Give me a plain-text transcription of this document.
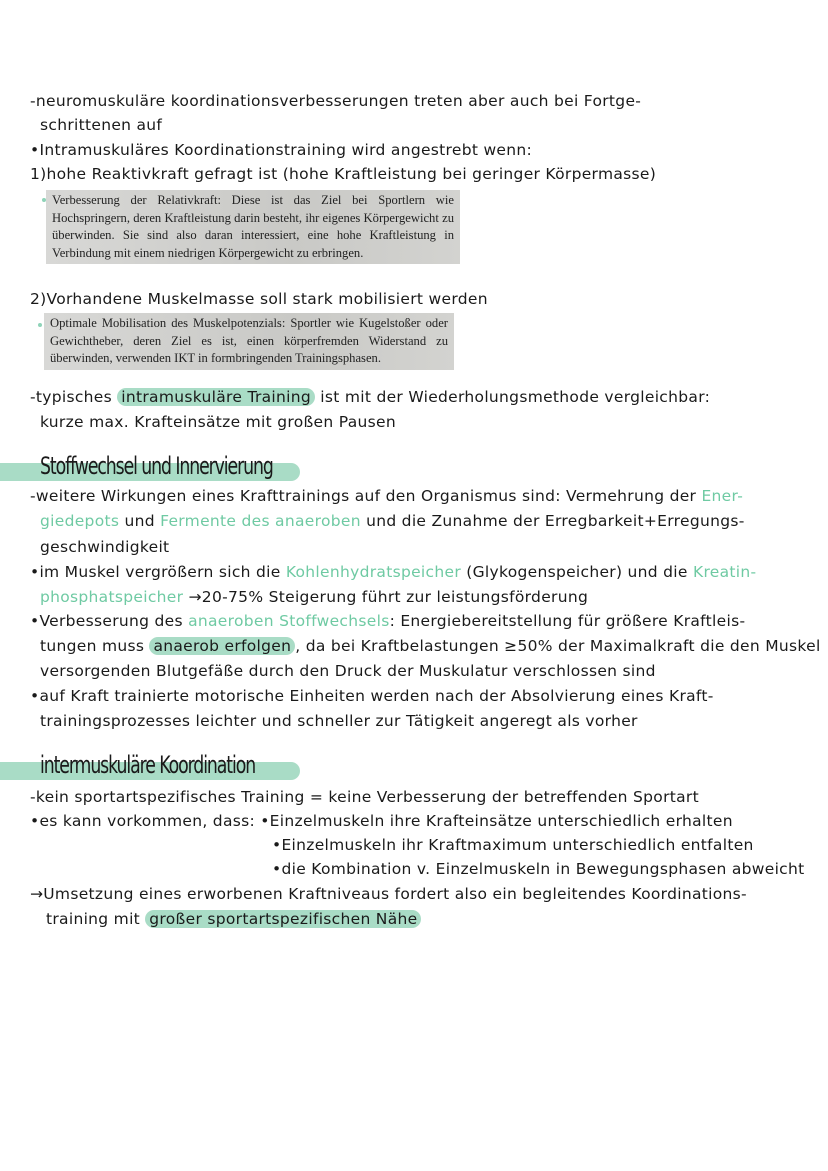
-neuromuskuläre koordinationsverbesserungen treten aber auch bei Fortge-
schrittenen auf
•Intramuskuläres Koordinationstraining wird angestrebt wenn:
1)hohe Reaktivkraft gefragt ist (hohe Kraftleistung bei geringer Körpermasse)
Verbesserung der Relativkraft: Diese ist das Ziel bei Sportlern wie Hochspringern, deren Kraftleistung darin besteht, ihr eigenes Körpergewicht zu überwinden. Sie sind also daran interessiert, eine hohe Kraftleistung in Verbindung mit einem niedrigen Körpergewicht zu erbringen.
2)Vorhandene Muskelmasse soll stark mobilisiert werden
Optimale Mobilisation des Muskelpotenzials: Sportler wie Kugelstoßer oder Gewichtheber, deren Ziel es ist, einen körperfremden Widerstand zu überwinden, verwenden IKT in formbringenden Trainingsphasen.
-typisches intramuskuläre Training ist mit der Wiederholungsmethode vergleichbar:
kurze max. Krafteinsätze mit großen Pausen
Stoffwechsel und Innervierung
-weitere Wirkungen eines Krafttrainings auf den Organismus sind: Vermehrung der Ener-
giedepots und Fermente des anaeroben und die Zunahme der Erregbarkeit+Erregungs-
geschwindigkeit
•im Muskel vergrößern sich die Kohlenhydratspeicher (Glykogenspeicher) und die Kreatin-
phosphatspeicher →20-75% Steigerung führt zur leistungsförderung
•Verbesserung des anaeroben Stoffwechsels: Energiebereitstellung für größere Kraftleis-
tungen muss anaerob erfolgen , da bei Kraftbelastungen ≥50% der Maximalkraft die den Muskel
versorgenden Blutgefäße durch den Druck der Muskulatur verschlossen sind
•auf Kraft trainierte motorische Einheiten werden nach der Absolvierung eines Kraft-
trainingsprozesses leichter und schneller zur Tätigkeit angeregt als vorher
intermuskuläre Koordination
-kein sportartspezifisches Training = keine Verbesserung der betreffenden Sportart
•es kann vorkommen, dass: •Einzelmuskeln ihre Krafteinsätze unterschiedlich erhalten
•Einzelmuskeln ihr Kraftmaximum unterschiedlich entfalten
•die Kombination v. Einzelmuskeln in Bewegungsphasen abweicht
→Umsetzung eines erworbenen Kraftniveaus fordert also ein begleitendes Koordinations-
training mit großer sportartspezifischen Nähe
